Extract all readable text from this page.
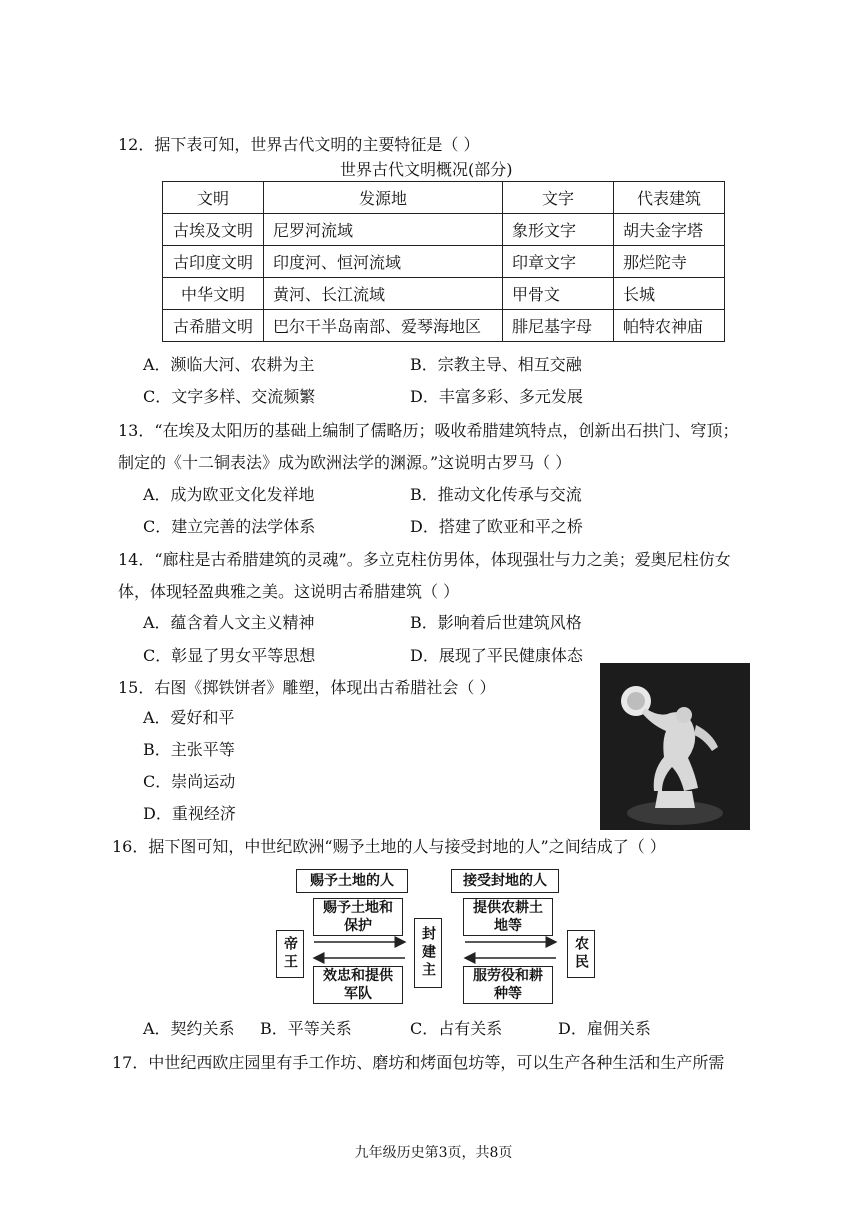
12．据下表可知，世界古代文明的主要特征是（ ）
世界古代文明概况(部分)
文明	发源地	文字	代表建筑
古埃及文明	尼罗河流域	象形文字	胡夫金字塔
古印度文明	印度河、恒河流域	印章文字	那烂陀寺
中华文明	黄河、长江流域	甲骨文	长城
古希腊文明	巴尔干半岛南部、爱琴海地区	腓尼基字母	帕特农神庙
A．濒临大河、农耕为主	B．宗教主导、相互交融
C．文字多样、交流频繁	D．丰富多彩、多元发展
13．“在埃及太阳历的基础上编制了儒略历；吸收希腊建筑特点，创新出石拱门、穹顶；
制定的《十二铜表法》成为欧洲法学的渊源。”这说明古罗马（ ）
A．成为欧亚文化发祥地	B．推动文化传承与交流
C．建立完善的法学体系	D．搭建了欧亚和平之桥
14．“廊柱是古希腊建筑的灵魂”。多立克柱仿男体，体现强壮与力之美；爱奥尼柱仿女
体，体现轻盈典雅之美。这说明古希腊建筑（ ）
A．蕴含着人文主义精神	B．影响着后世建筑风格
C．彰显了男女平等思想	D．展现了平民健康体态
15．右图《掷铁饼者》雕塑，体现出古希腊社会（ ）
A．爱好和平
B．主张平等
C．崇尚运动
D．重视经济
16．据下图可知，中世纪欧洲“赐予土地的人与接受封地的人”之间结成了（ ）
赐予土地的人	接受封地的人
帝王	封建主	农民
赐予土地和保护
效忠和提供军队
提供农耕土地等
服劳役和耕种等
A．契约关系 B．平等关系	C．占有关系	D．雇佣关系
17．中世纪西欧庄园里有手工作坊、磨坊和烤面包坊等，可以生产各种生活和生产所需
九年级历史第3页，共8页
